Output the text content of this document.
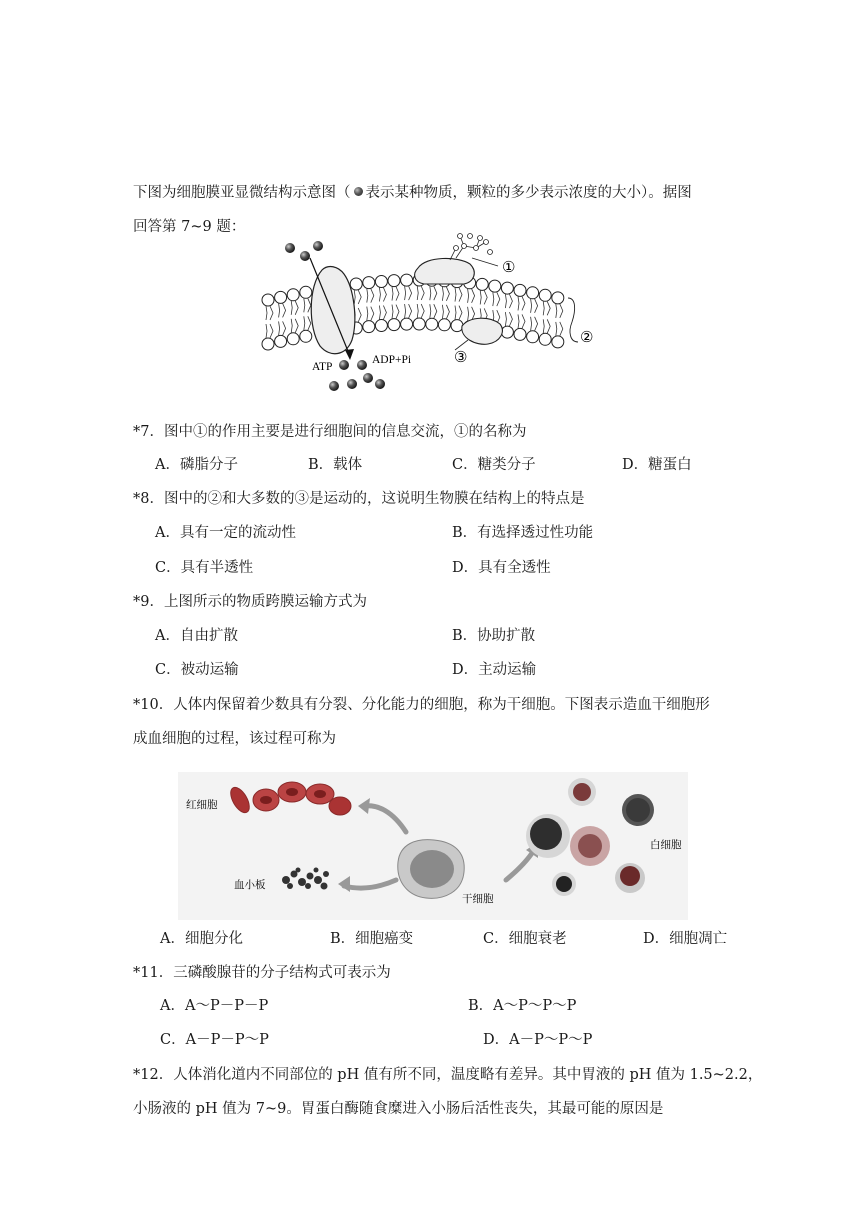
下图为细胞膜亚显微结构示意图（ 表示某种物质，颗粒的多少表示浓度的大小）。据图
回答第 7~9 题：
①
②
③
ATP
ADP+Pi
*7．图中①的作用主要是进行细胞间的信息交流，①的名称为
A．磷脂分子	B．载体	C．糖类分子	D．糖蛋白
*8．图中的②和大多数的③是运动的，这说明生物膜在结构上的特点是
A．具有一定的流动性	B．有选择透过性功能
C．具有半透性	D．具有全透性
*9．上图所示的物质跨膜运输方式为
A．自由扩散	B．协助扩散
C．被动运输	D．主动运输
*10．人体内保留着少数具有分裂、分化能力的细胞，称为干细胞。下图表示造血干细胞形
成血细胞的过程，该过程可称为
红细胞
血小板
干细胞
白细胞
A．细胞分化	B．细胞癌变	C．细胞衰老	D．细胞凋亡
*11．三磷酸腺苷的分子结构式可表示为
A．A～P－P－P	B．A～P～P～P
C．A－P－P～P	D．A－P～P～P
*12．人体消化道内不同部位的 pH 值有所不同，温度略有差异。其中胃液的 pH 值为 1.5~2.2，
小肠液的 pH 值为 7~9。胃蛋白酶随食糜进入小肠后活性丧失，其最可能的原因是
